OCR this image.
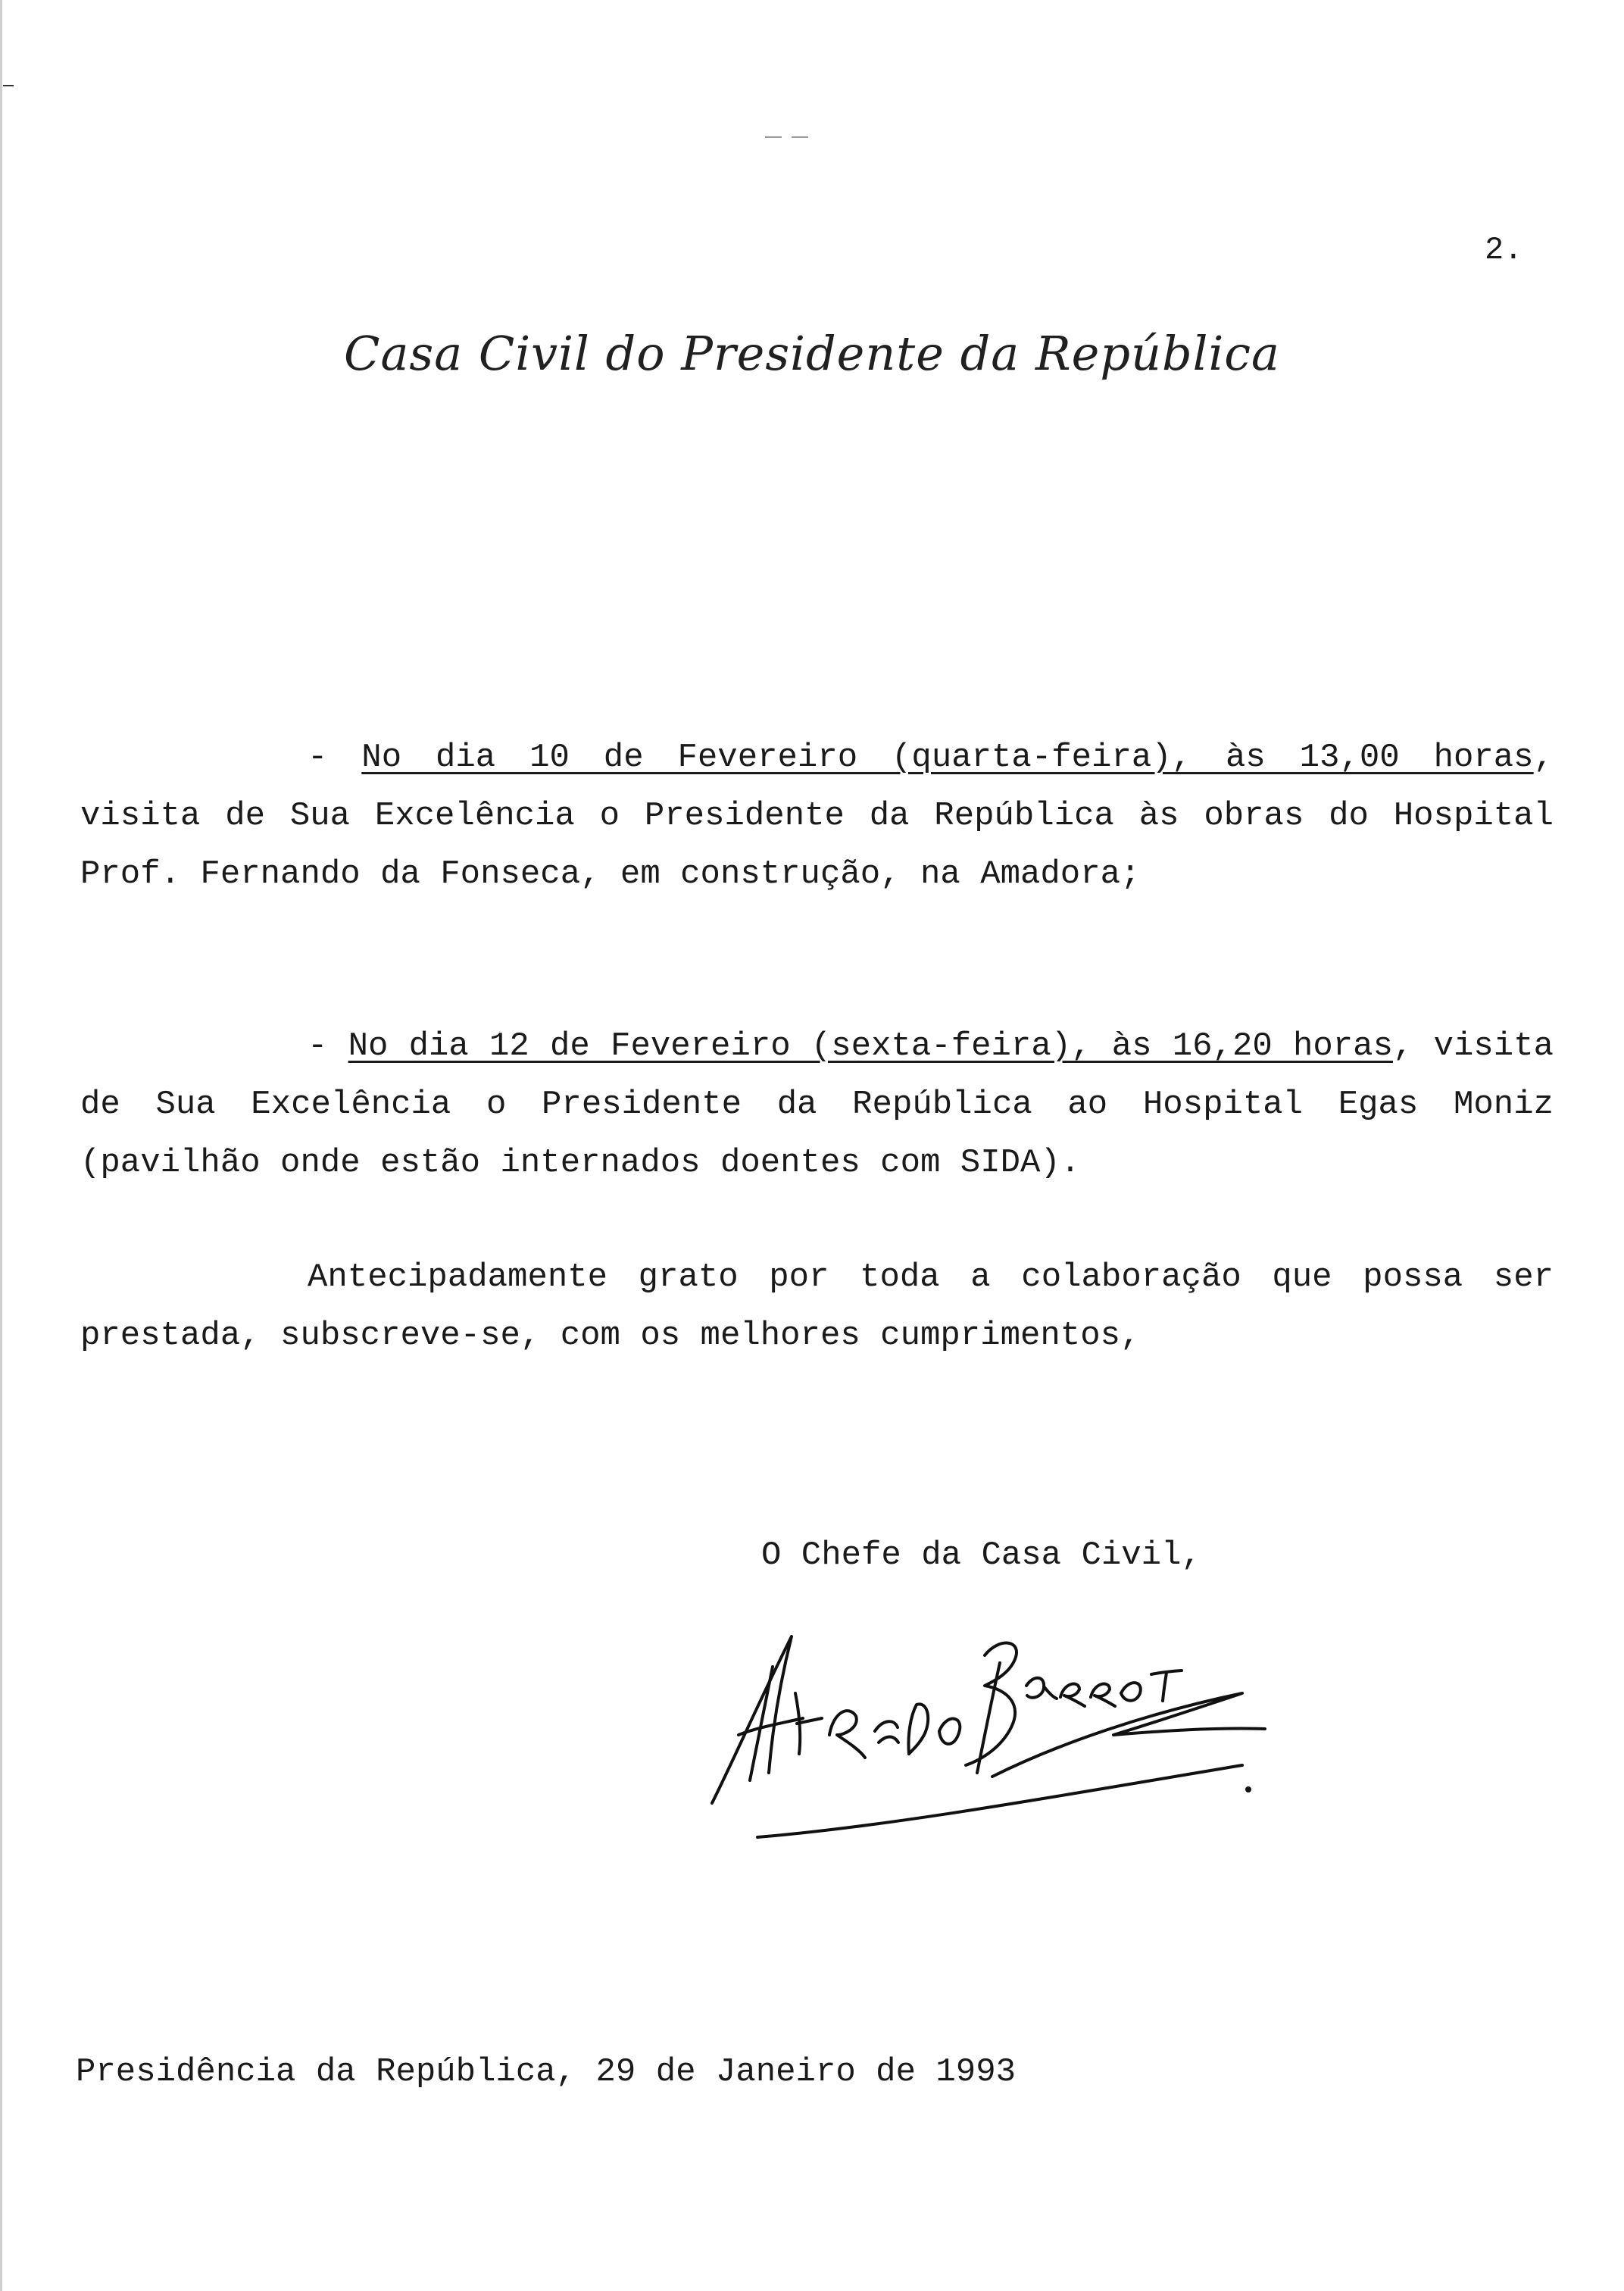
2.
Casa Civil do Presidente da República
- No dia 10 de Fevereiro (quarta-feira), às 13,00 horas, visita de Sua Excelência o Presidente da República às obras do Hospital Prof. Fernando da Fonseca, em construção, na Amadora;
- No dia 12 de Fevereiro (sexta-feira), às 16,20 horas, visita de Sua Excelência o Presidente da República ao Hospital Egas Moniz (pavilhão onde estão internados doentes com SIDA).
Antecipadamente grato por toda a colaboração que possa ser prestada, subscreve-se, com os melhores cumprimentos,
O Chefe da Casa Civil,
Presidência da República, 29 de Janeiro de 1993
